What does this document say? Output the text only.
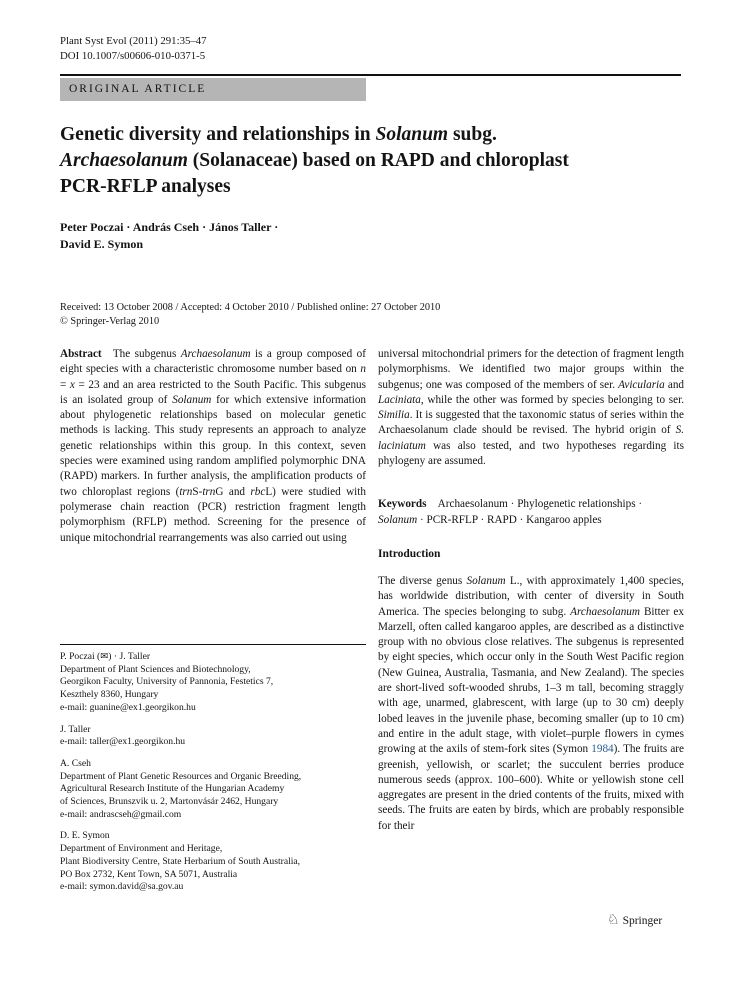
Plant Syst Evol (2011) 291:35–47
DOI 10.1007/s00606-010-0371-5
ORIGINAL ARTICLE
Genetic diversity and relationships in Solanum subg.
Archaesolanum (Solanaceae) based on RAPD and chloroplast
PCR-RFLP analyses
Peter Poczai · András Cseh · János Taller ·
David E. Symon
Received: 13 October 2008 / Accepted: 4 October 2010 / Published online: 27 October 2010
© Springer-Verlag 2010
Abstract  The subgenus Archaesolanum is a group composed of eight species with a characteristic chromosome number based on n = x = 23 and an area restricted to the South Pacific. This subgenus is an isolated group of Solanum for which extensive information about phylogenetic relationships based on molecular genetic methods is lacking. This study represents an approach to analyze genetic relationships within this group. In this context, seven species were examined using random amplified polymorphic DNA (RAPD) markers. In further analysis, the amplification products of two chloroplast regions (trnS-trnG and rbcL) were studied with polymerase chain reaction (PCR) restriction fragment length polymorphism (RFLP) method. Screening for the presence of unique mitochondrial rearrangements was also carried out using
universal mitochondrial primers for the detection of fragment length polymorphisms. We identified two major groups within the subgenus; one was composed of the members of ser. Avicularia and Laciniata, while the other was formed by species belonging to ser. Similia. It is suggested that the taxonomic status of series within the Archaesolanum clade should be revised. The hybrid origin of S. laciniatum was also tested, and two hypotheses regarding its phylogeny are assumed.
Keywords  Archaesolanum · Phylogenetic relationships · Solanum · PCR-RFLP · RAPD · Kangaroo apples
Introduction
The diverse genus Solanum L., with approximately 1,400 species, has worldwide distribution, with center of diversity in South America. The species belonging to subg. Archaesolanum Bitter ex Marzell, often called kangaroo apples, are described as a distinctive group with no obvious close relatives. The subgenus is represented by eight species, which occur only in the South West Pacific region (New Guinea, Australia, Tasmania, and New Zealand). The species are short-lived soft-wooded shrubs, 1–3 m tall, becoming straggly with age, unarmed, glabrescent, with large (up to 30 cm) deeply lobed leaves in the juvenile phase, becoming smaller (up to 10 cm) and entire in the adult stage, with violet–purple flowers in cymes growing at the axils of stem-fork sites (Symon 1984). The fruits are greenish, yellowish, or scarlet; the succulent berries produce numerous seeds (approx. 100–600). White or yellowish stone cell aggregates are present in the dried contents of the fruits, mixed with seeds. The fruits are eaten by birds, which are probably responsible for their
P. Poczai (✉) · J. Taller
Department of Plant Sciences and Biotechnology,
Georgikon Faculty, University of Pannonia, Festetics 7,
Keszthely 8360, Hungary
e-mail: guanine@ex1.georgikon.hu
J. Taller
e-mail: taller@ex1.georgikon.hu
A. Cseh
Department of Plant Genetic Resources and Organic Breeding,
Agricultural Research Institute of the Hungarian Academy
of Sciences, Brunszvik u. 2, Martonvásár 2462, Hungary
e-mail: andrascseh@gmail.com
D. E. Symon
Department of Environment and Heritage,
Plant Biodiversity Centre, State Herbarium of South Australia,
PO Box 2732, Kent Town, SA 5071, Australia
e-mail: symon.david@sa.gov.au
♘ Springer
